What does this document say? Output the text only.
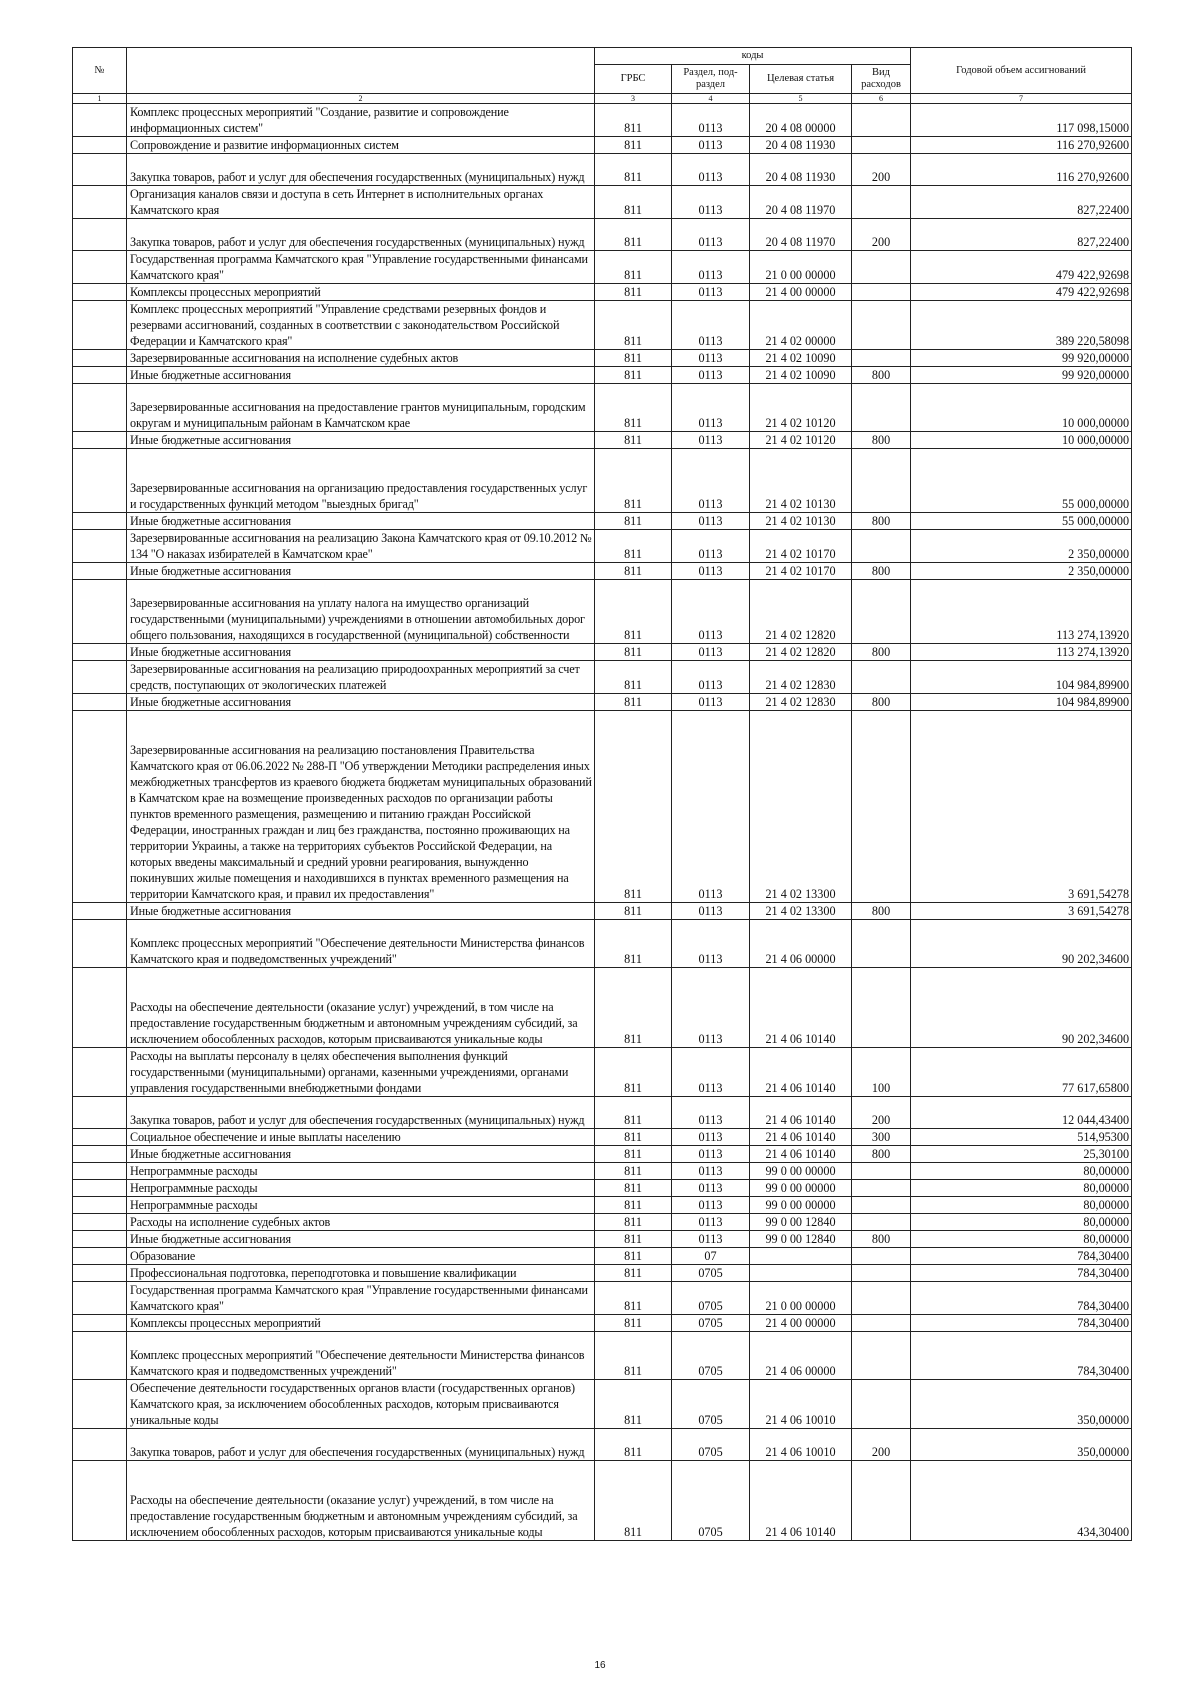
№		коды				Годовой объем ассигнований
		ГРБС	Раздел, под-раздел	Целевая статья	Вид расходов	
1	2	3	4	5	6	7
	Комплекс процессных мероприятий "Создание, развитие и сопровождение информационных систем"	811	0113	20 4 08 00000		117 098,15000
	Сопровождение и развитие информационных систем	811	0113	20 4 08 11930		116 270,92600
	Закупка товаров, работ и услуг для обеспечения государственных (муниципальных) нужд	811	0113	20 4 08 11930	200	116 270,92600
	Организация каналов связи и доступа в сеть Интернет в исполнительных органах Камчатского края	811	0113	20 4 08 11970		827,22400
	Закупка товаров, работ и услуг для обеспечения государственных (муниципальных) нужд	811	0113	20 4 08 11970	200	827,22400
	Государственная программа Камчатского края "Управление государственными финансами Камчатского края"	811	0113	21 0 00 00000		479 422,92698
	Комплексы процессных мероприятий	811	0113	21 4 00 00000		479 422,92698
	Комплекс процессных мероприятий "Управление средствами резервных фондов и резервами ассигнований, созданных в соответствии с законодательством Российской Федерации и Камчатского края"	811	0113	21 4 02 00000		389 220,58098
	Зарезервированные ассигнования на исполнение судебных актов	811	0113	21 4 02 10090		99 920,00000
	Иные бюджетные ассигнования	811	0113	21 4 02 10090	800	99 920,00000
	Зарезервированные ассигнования на предоставление грантов муниципальным, городским округам и муниципальным районам в Камчатском крае	811	0113	21 4 02 10120		10 000,00000
	Иные бюджетные ассигнования	811	0113	21 4 02 10120	800	10 000,00000
	Зарезервированные ассигнования на организацию предоставления государственных услуг и государственных функций методом "выездных бригад"	811	0113	21 4 02 10130		55 000,00000
	Иные бюджетные ассигнования	811	0113	21 4 02 10130	800	55 000,00000
	Зарезервированные ассигнования на реализацию Закона Камчатского края от 09.10.2012 № 134 "О наказах избирателей в Камчатском крае"	811	0113	21 4 02 10170		2 350,00000
	Иные бюджетные ассигнования	811	0113	21 4 02 10170	800	2 350,00000
	Зарезервированные ассигнования на уплату налога на имущество организаций государственными (муниципальными) учреждениями в отношении автомобильных дорог общего пользования, находящихся в государственной (муниципальной) собственности	811	0113	21 4 02 12820		113 274,13920
	Иные бюджетные ассигнования	811	0113	21 4 02 12820	800	113 274,13920
	Зарезервированные ассигнования на реализацию природоохранных мероприятий за счет средств, поступающих от экологических платежей	811	0113	21 4 02 12830		104 984,89900
	Иные бюджетные ассигнования	811	0113	21 4 02 12830	800	104 984,89900
	Зарезервированные ассигнования на реализацию постановления Правительства Камчатского края от 06.06.2022 № 288-П "Об утверждении Методики распределения иных межбюджетных трансфертов из краевого бюджета бюджетам муниципальных образований в Камчатском крае на возмещение произведенных расходов по организации работы пунктов временного размещения, размещению и питанию граждан Российской Федерации, иностранных граждан и лиц без гражданства, постоянно проживающих на территории Украины, а также на территориях субъектов Российской Федерации, на которых введены максимальный и средний уровни реагирования, вынужденно покинувших жилые помещения и находившихся в пунктах временного размещения на территории Камчатского края, и правил их предоставления"	811	0113	21 4 02 13300		3 691,54278
	Иные бюджетные ассигнования	811	0113	21 4 02 13300	800	3 691,54278
	Комплекс процессных мероприятий "Обеспечение деятельности Министерства финансов Камчатского края и подведомственных учреждений"	811	0113	21 4 06 00000		90 202,34600
	Расходы на обеспечение деятельности (оказание услуг) учреждений, в том числе на предоставление государственным бюджетным и автономным учреждениям субсидий, за исключением обособленных расходов, которым присваиваются уникальные коды	811	0113	21 4 06 10140		90 202,34600
	Расходы на выплаты персоналу в целях обеспечения выполнения функций государственными (муниципальными) органами, казенными учреждениями, органами управления государственными внебюджетными фондами	811	0113	21 4 06 10140	100	77 617,65800
	Закупка товаров, работ и услуг для обеспечения государственных (муниципальных) нужд	811	0113	21 4 06 10140	200	12 044,43400
	Социальное обеспечение и иные выплаты населению	811	0113	21 4 06 10140	300	514,95300
	Иные бюджетные ассигнования	811	0113	21 4 06 10140	800	25,30100
	Непрограммные расходы	811	0113	99 0 00 00000		80,00000
	Непрограммные расходы	811	0113	99 0 00 00000		80,00000
	Непрограммные расходы	811	0113	99 0 00 00000		80,00000
	Расходы на исполнение судебных актов	811	0113	99 0 00 12840		80,00000
	Иные бюджетные ассигнования	811	0113	99 0 00 12840	800	80,00000
	Образование	811	07			784,30400
	Профессиональная подготовка, переподготовка и повышение квалификации	811	0705			784,30400
	Государственная программа Камчатского края "Управление государственными финансами Камчатского края"	811	0705	21 0 00 00000		784,30400
	Комплексы процессных мероприятий	811	0705	21 4 00 00000		784,30400
	Комплекс процессных мероприятий "Обеспечение деятельности Министерства финансов Камчатского края и подведомственных учреждений"	811	0705	21 4 06 00000		784,30400
	Обеспечение деятельности государственных органов власти (государственных органов) Камчатского края, за исключением обособленных расходов, которым присваиваются уникальные коды	811	0705	21 4 06 10010		350,00000
	Закупка товаров, работ и услуг для обеспечения государственных (муниципальных) нужд	811	0705	21 4 06 10010	200	350,00000
	Расходы на обеспечение деятельности (оказание услуг) учреждений, в том числе на предоставление государственным бюджетным и автономным учреждениям субсидий, за исключением обособленных расходов, которым присваиваются уникальные коды	811	0705	21 4 06 10140		434,30400
16
